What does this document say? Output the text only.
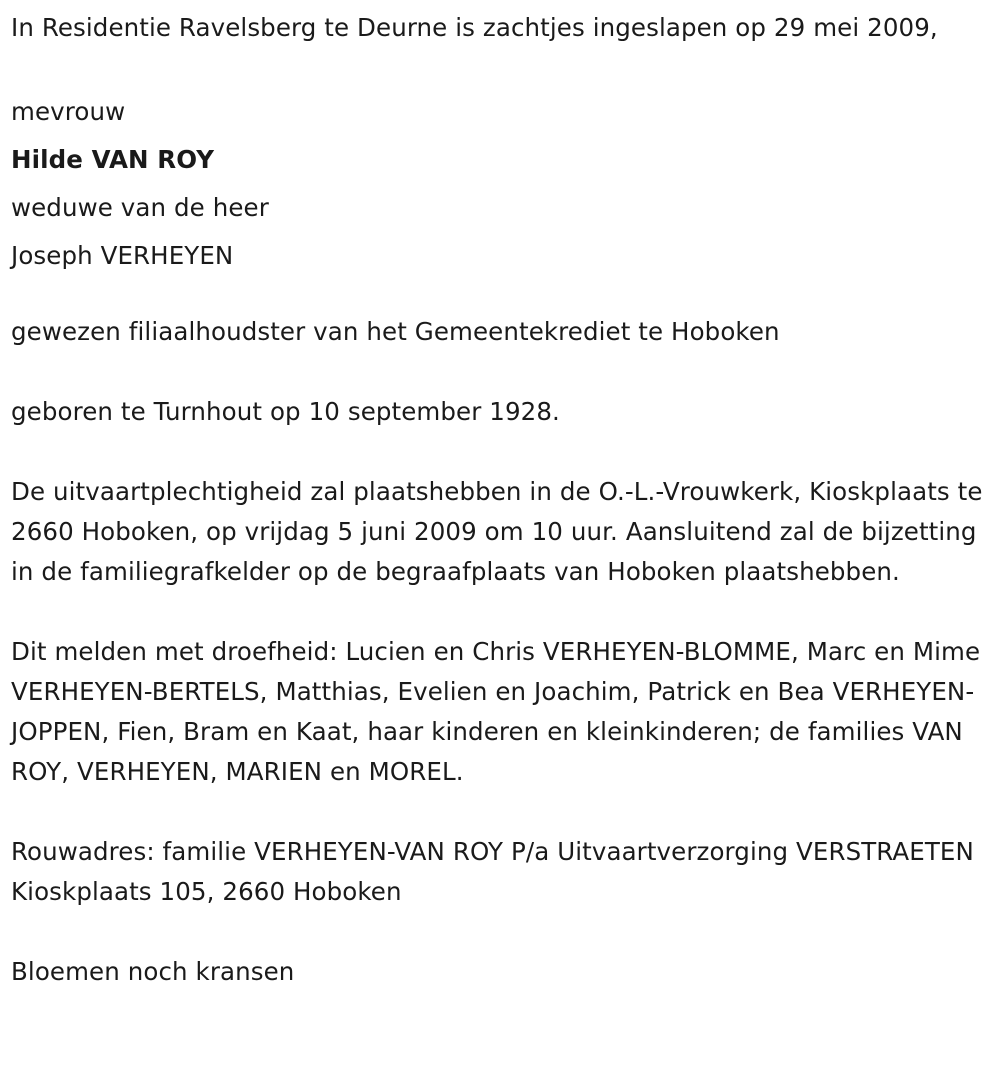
In Residentie Ravelsberg te Deurne is zachtjes ingeslapen op 29 mei 2009,

mevrouw
Hilde VAN ROY
weduwe van de heer
Joseph VERHEYEN

gewezen filiaalhoudster van het Gemeentekrediet te Hoboken

geboren te Turnhout op 10 september 1928.

De uitvaartplechtigheid zal plaatshebben in de O.-L.-Vrouwkerk, Kioskplaats te 2660 Hoboken, op vrijdag 5 juni 2009 om 10 uur. Aansluitend zal de bijzetting in de familiegrafkelder op de begraafplaats van Hoboken plaatshebben.

Dit melden met droefheid: Lucien en Chris VERHEYEN-BLOMME, Marc en Mime VERHEYEN-BERTELS, Matthias, Evelien en Joachim, Patrick en Bea VERHEYEN-JOPPEN, Fien, Bram en Kaat, haar kinderen en kleinkinderen; de families VAN ROY, VERHEYEN, MARIEN en MOREL.

Rouwadres: familie VERHEYEN-VAN ROY P/a Uitvaartverzorging VERSTRAETEN Kioskplaats 105, 2660 Hoboken

Bloemen noch kransen
